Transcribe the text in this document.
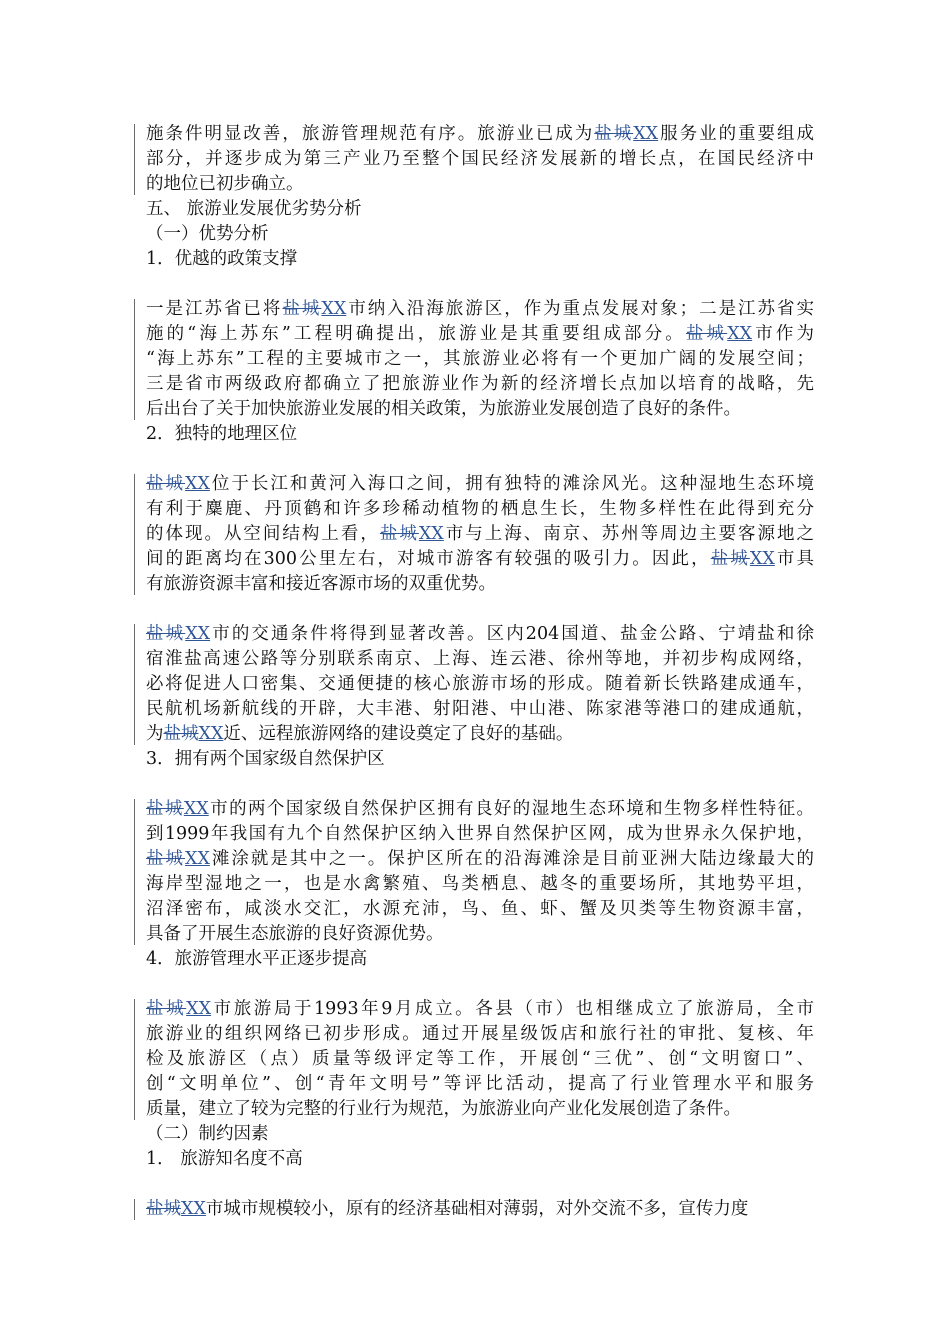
施条件明显改善，旅游管理规范有序。旅游业已成为盐城XX服务业的重要组成
部分，并逐步成为第三产业乃至整个国民经济发展新的增长点，在国民经济中
的地位已初步确立。

五、 旅游业发展优劣势分析

（一）优势分析

1．优越的政策支撑

一是江苏省已将盐城XX市纳入沿海旅游区，作为重点发展对象；二是江苏省实
施的“海上苏东”工程明确提出，旅游业是其重要组成部分。盐城XX市作为
“海上苏东”工程的主要城市之一，其旅游业必将有一个更加广阔的发展空间；
三是省市两级政府都确立了把旅游业作为新的经济增长点加以培育的战略，先
后出台了关于加快旅游业发展的相关政策，为旅游业发展创造了良好的条件。

2．独特的地理区位

盐城XX位于长江和黄河入海口之间，拥有独特的滩涂风光。这种湿地生态环境
有利于麋鹿、丹顶鹤和许多珍稀动植物的栖息生长，生物多样性在此得到充分
的体现。从空间结构上看，盐城XX市与上海、南京、苏州等周边主要客源地之
间的距离均在300公里左右，对城市游客有较强的吸引力。因此，盐城XX市具
有旅游资源丰富和接近客源市场的双重优势。
盐城XX市的交通条件将得到显著改善。区内204国道、盐金公路、宁靖盐和徐
宿淮盐高速公路等分别联系南京、上海、连云港、徐州等地，并初步构成网络，
必将促进人口密集、交通便捷的核心旅游市场的形成。随着新长铁路建成通车，
民航机场新航线的开辟，大丰港、射阳港、中山港、陈家港等港口的建成通航，
为盐城XX近、远程旅游网络的建设奠定了良好的基础。

3．拥有两个国家级自然保护区

盐城XX市的两个国家级自然保护区拥有良好的湿地生态环境和生物多样性特征。
到1999年我国有九个自然保护区纳入世界自然保护区网，成为世界永久保护地，
盐城XX滩涂就是其中之一。保护区所在的沿海滩涂是目前亚洲大陆边缘最大的
海岸型湿地之一，也是水禽繁殖、鸟类栖息、越冬的重要场所，其地势平坦，
沼泽密布，咸淡水交汇，水源充沛，鸟、鱼、虾、蟹及贝类等生物资源丰富，
具备了开展生态旅游的良好资源优势。

4．旅游管理水平正逐步提高

盐城XX市旅游局于1993年9月成立。各县（市）也相继成立了旅游局，全市
旅游业的组织网络已初步形成。通过开展星级饭店和旅行社的审批、复核、年
检及旅游区（点）质量等级评定等工作，开展创“三优”、创“文明窗口”、
创“文明单位”、创“青年文明号”等评比活动，提高了行业管理水平和服务
质量，建立了较为完整的行业行为规范，为旅游业向产业化发展创造了条件。

（二）制约因素

1． 旅游知名度不高

盐城XX市城市规模较小，原有的经济基础相对薄弱，对外交流不多，宣传力度
